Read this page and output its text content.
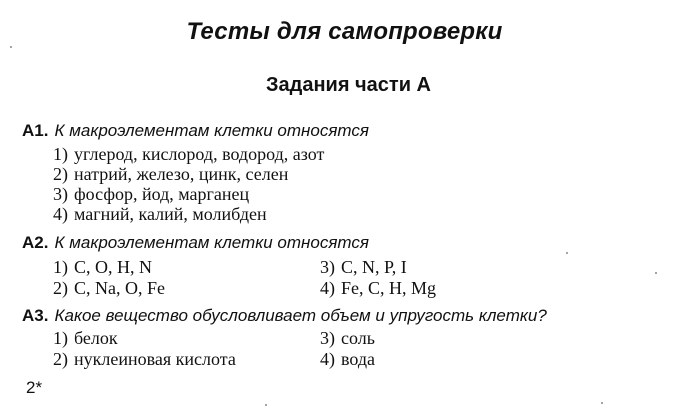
Тесты для самопроверки
Задания части А
А1. К макроэлементам клетки относятся
1) углерод, кислород, водород, азот
2) натрий, железо, цинк, селен
3) фосфор, йод, марганец
4) магний, калий, молибден
А2. К макроэлементам клетки относятся
1) С, О, Н, N
2) С, Na, О, Fe
3) С, N, Р, I
4) Fe, С, Н, Mg
А3. Какое вещество обусловливает объем и упругость клетки?
1) белок
2) нуклеиновая кислота
3) соль
4) вода
2*
